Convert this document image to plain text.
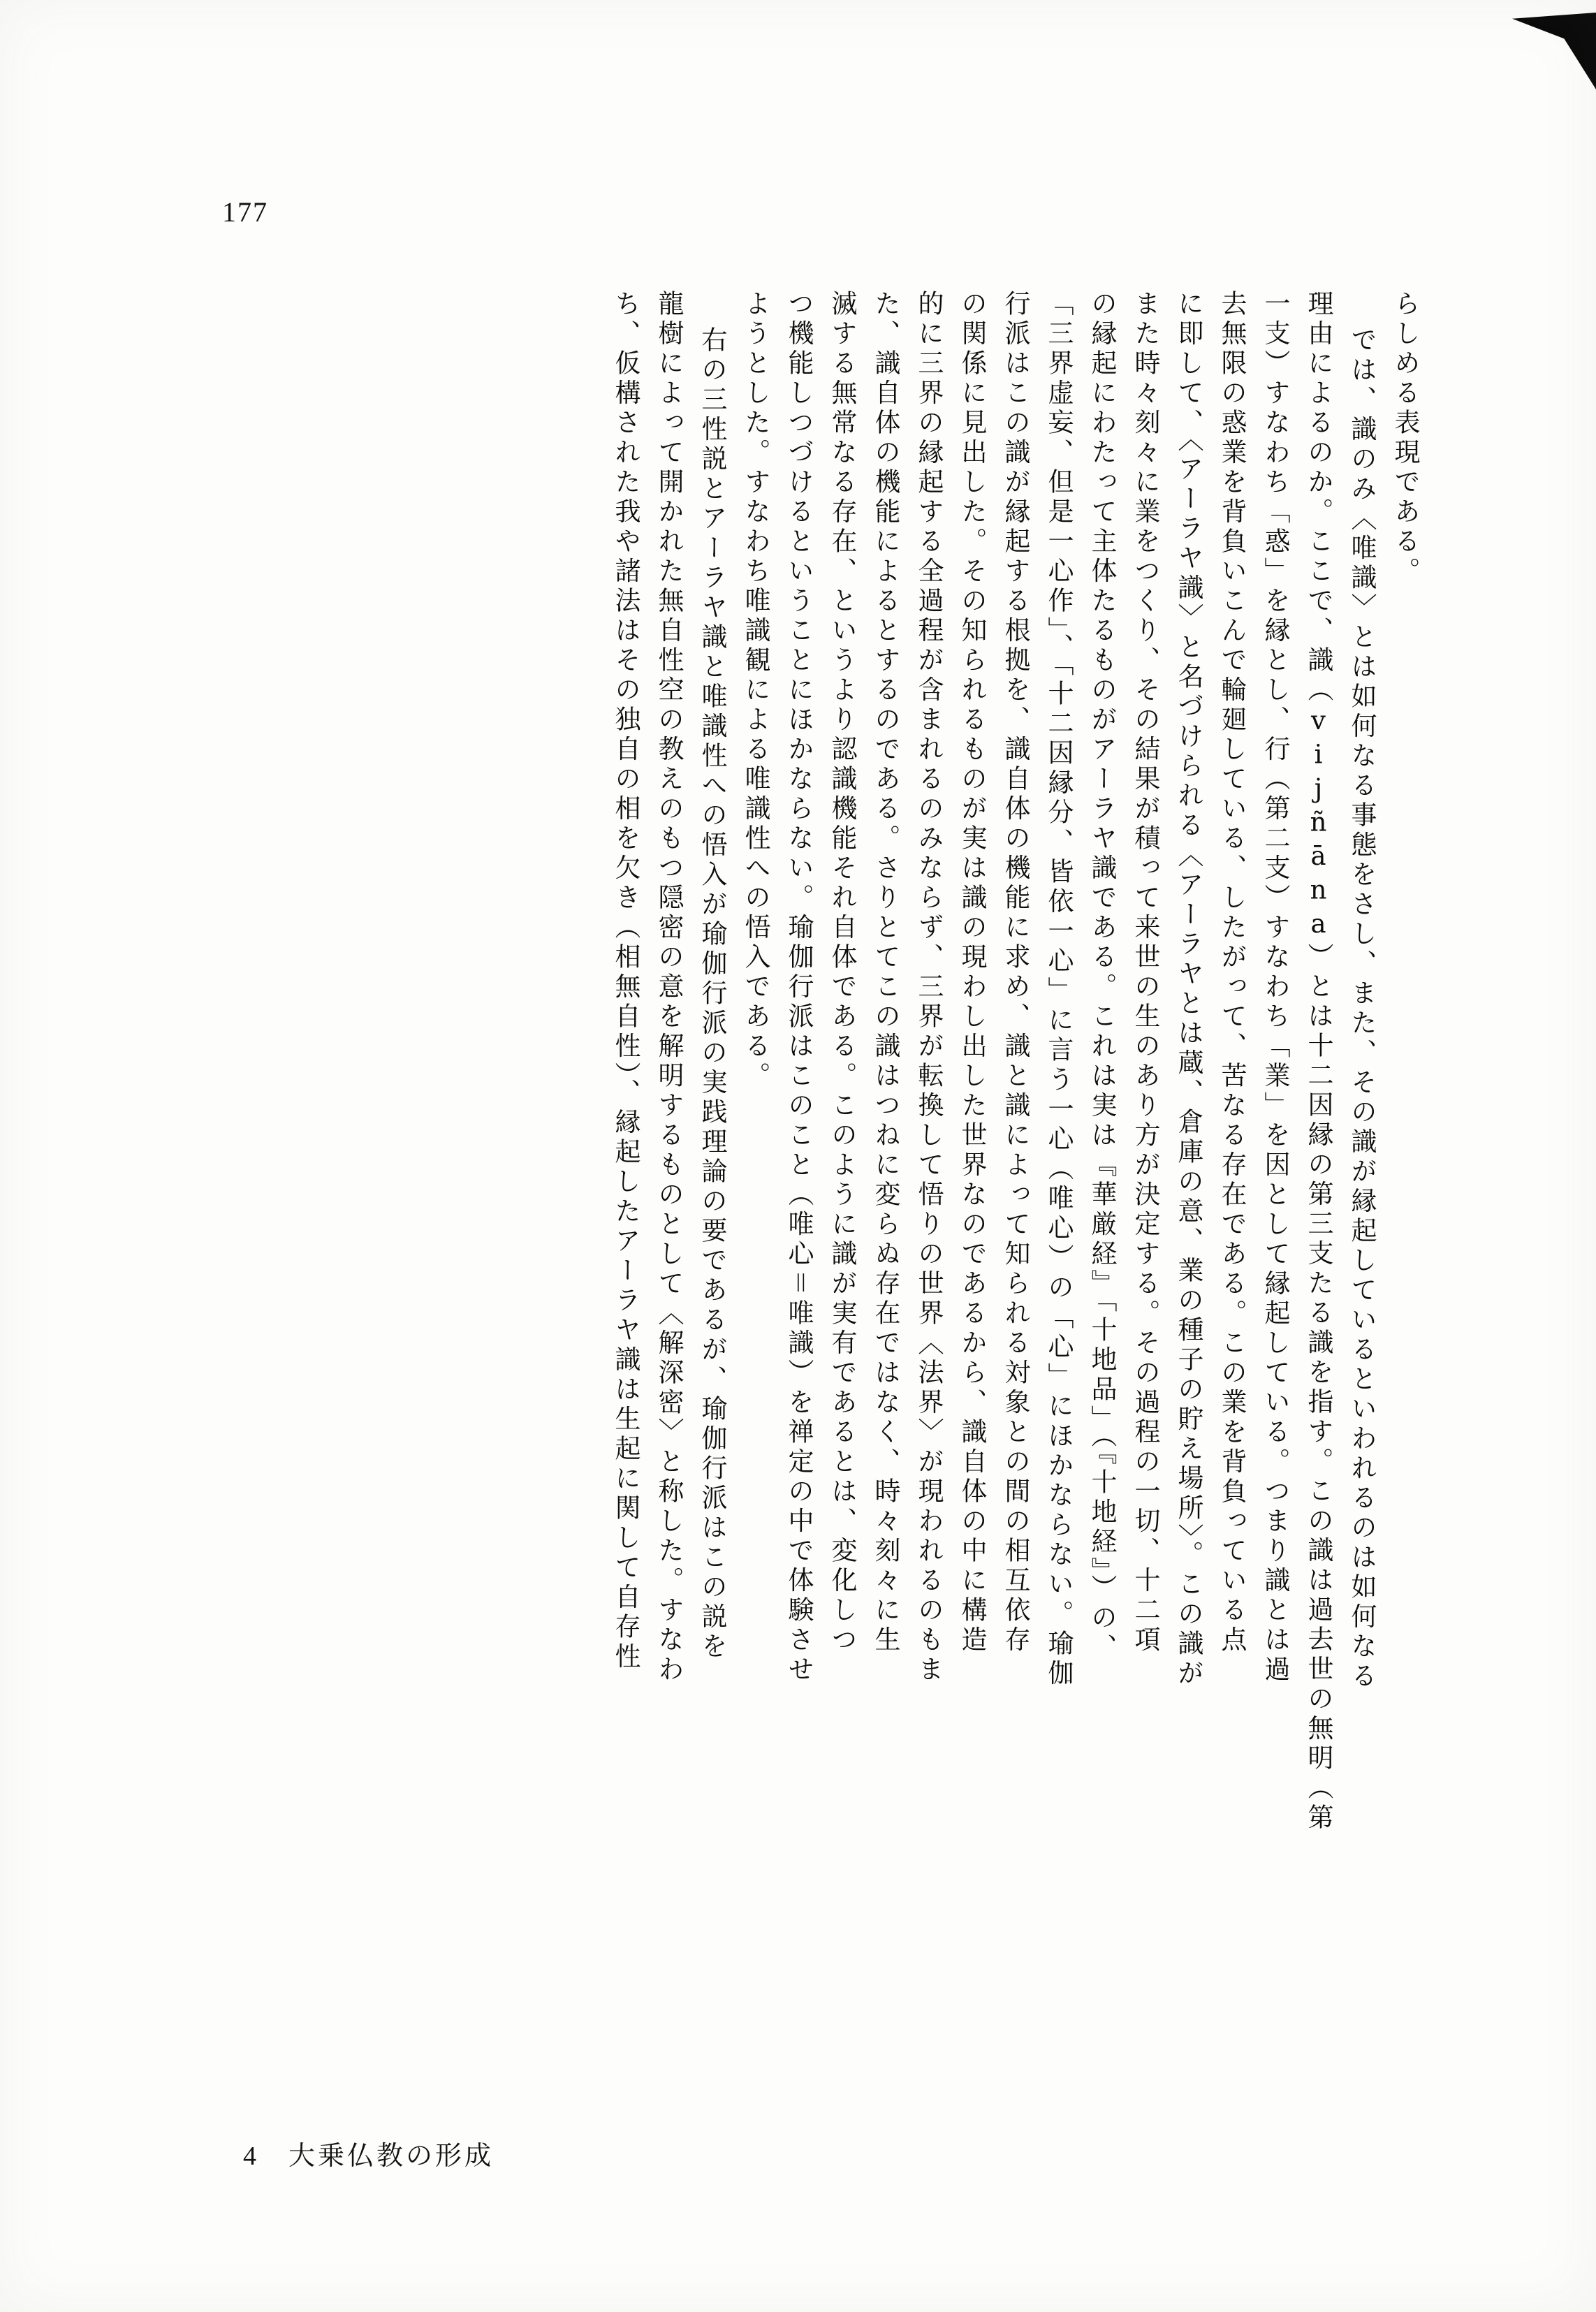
177
らしめる表現である。
では、識のみ〈唯識〉とは如何なる事態をさし、また、その識が縁起しているといわれるのは如何なる
理由によるのか。ここで、識（vijñāna）とは十二因縁の第三支たる識を指す。この識は過去世の無明（第
一支）すなわち「惑」を縁とし、行（第二支）すなわち「業」を因として縁起している。つまり識とは過
去無限の惑業を背負いこんで輪廻している、したがって、苦なる存在である。この業を背負っている点
に即して、〈アーラヤ識〉と名づけられる〈アーラヤとは蔵、倉庫の意、業の種子の貯え場所〉。この識が
また時々刻々に業をつくり、その結果が積って来世の生のあり方が決定する。その過程の一切、十二項
の縁起にわたって主体たるものがアーラヤ識である。これは実は『華厳経』「十地品」（『十地経』）の、
「三界虚妄、但是一心作」、「十二因縁分、皆依一心」に言う一心（唯心）の「心」にほかならない。瑜伽
行派はこの識が縁起する根拠を、識自体の機能に求め、識と識によって知られる対象との間の相互依存
の関係に見出した。その知られるものが実は識の現わし出した世界なのであるから、識自体の中に構造
的に三界の縁起する全過程が含まれるのみならず、三界が転換して悟りの世界〈法界〉が現われるのもま
た、識自体の機能によるとするのである。さりとてこの識はつねに変らぬ存在ではなく、時々刻々に生
滅する無常なる存在、というより認識機能それ自体である。このように識が実有であるとは、変化しつ
つ機能しつづけるということにほかならない。瑜伽行派はこのこと（唯心＝唯識）を禅定の中で体験させ
ようとした。すなわち唯識観による唯識性への悟入である。
右の三性説とアーラヤ識と唯識性への悟入が瑜伽行派の実践理論の要であるが、瑜伽行派はこの説を
龍樹によって開かれた無自性空の教えのもつ隠密の意を解明するものとして〈解深密〉と称した。すなわ
ち、仮構された我や諸法はその独自の相を欠き（相無自性）、縁起したアーラヤ識は生起に関して自存性
4　大乗仏教の形成
